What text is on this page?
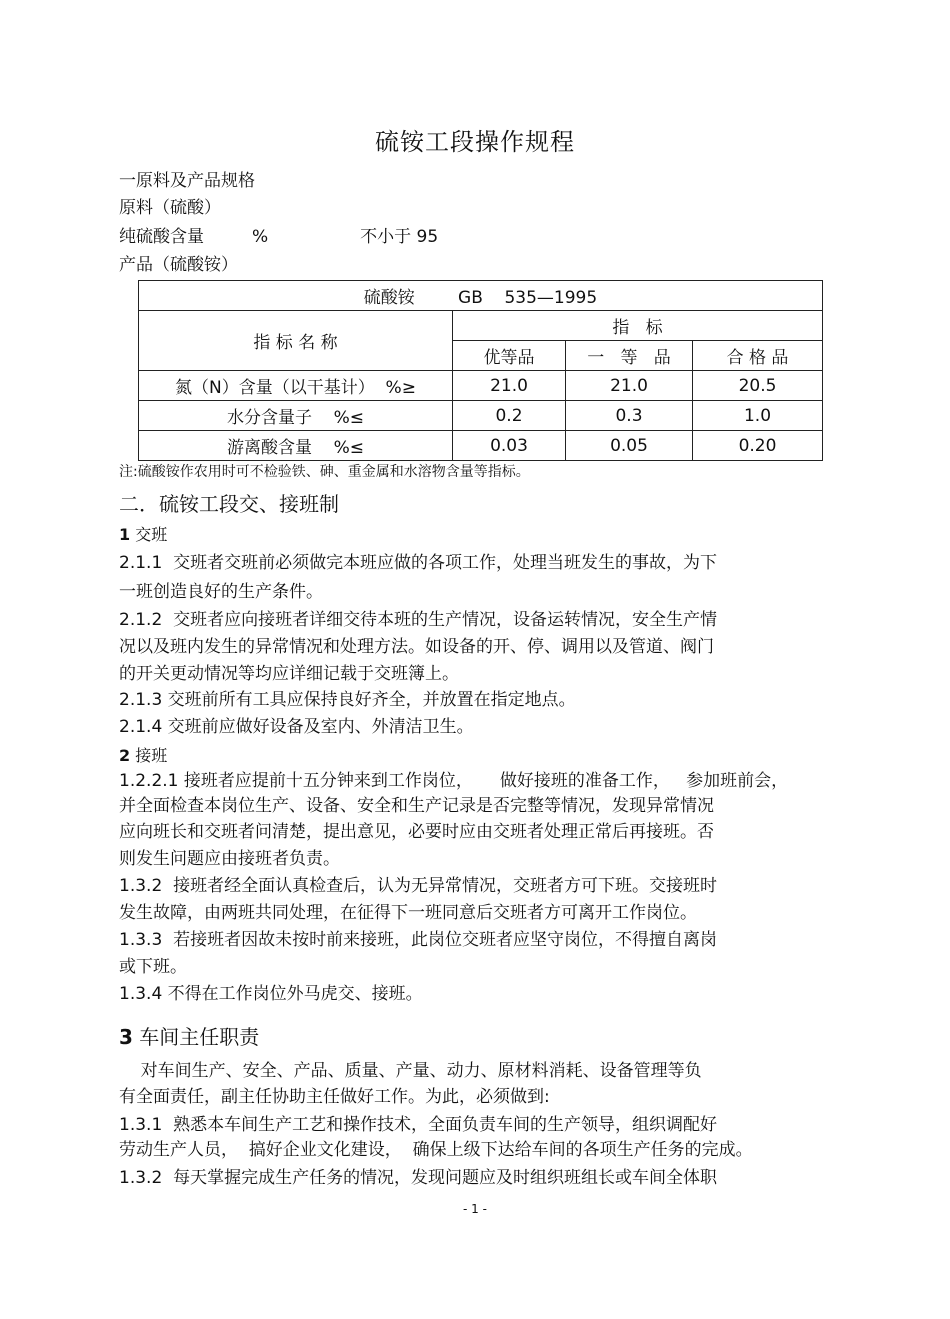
硫铵工段操作规程
一原料及产品规格
原料（硫酸）
纯硫酸含量	%	不小于 95
产品（硫酸铵）
硫酸铵        GB    535—1995			
指 标 名 称	指   标		
	优等品	一   等   品	合 格 品
氮（N）含量（以干基计）  %≥	21.0	21.0	20.5
水分含量子    %≤	0.2	0.3	1.0
游离酸含量    %≤	0.03	0.05	0.20
注:硫酸铵作农用时可不检验铁、砷、重金属和水溶物含量等指标。
二．硫铵工段交、接班制
1 交班
2.1.1  交班者交班前必须做完本班应做的各项工作，处理当班发生的事故，为下
一班创造良好的生产条件。
2.1.2  交班者应向接班者详细交待本班的生产情况，设备运转情况，安全生产情
况以及班内发生的异常情况和处理方法。如设备的开、停、调用以及管道、阀门
的开关更动情况等均应详细记载于交班簿上。
2.1.3 交班前所有工具应保持良好齐全，并放置在指定地点。
2.1.4 交班前应做好设备及室内、外清洁卫生。
2 接班
1.2.2.1 接班者应提前十五分钟来到工作岗位，     做好接班的准备工作，   参加班前会，
并全面检查本岗位生产、设备、安全和生产记录是否完整等情况，发现异常情况
应向班长和交班者问清楚，提出意见，必要时应由交班者处理正常后再接班。否
则发生问题应由接班者负责。
1.3.2  接班者经全面认真检查后，认为无异常情况，交班者方可下班。交接班时
发生故障，由两班共同处理，在征得下一班同意后交班者方可离开工作岗位。
1.3.3  若接班者因故未按时前来接班，此岗位交班者应坚守岗位，不得擅自离岗
或下班。
1.3.4 不得在工作岗位外马虎交、接班。
3 车间主任职责
对车间生产、安全、产品、质量、产量、动力、原材料消耗、设备管理等负
有全面责任，副主任协助主任做好工作。为此，必须做到:
1.3.1  熟悉本车间生产工艺和操作技术，全面负责车间的生产领导，组织调配好
劳动生产人员，  搞好企业文化建设，  确保上级下达给车间的各项生产任务的完成。
1.3.2  每天掌握完成生产任务的情况，发现问题应及时组织班组长或车间全体职
- 1 -
